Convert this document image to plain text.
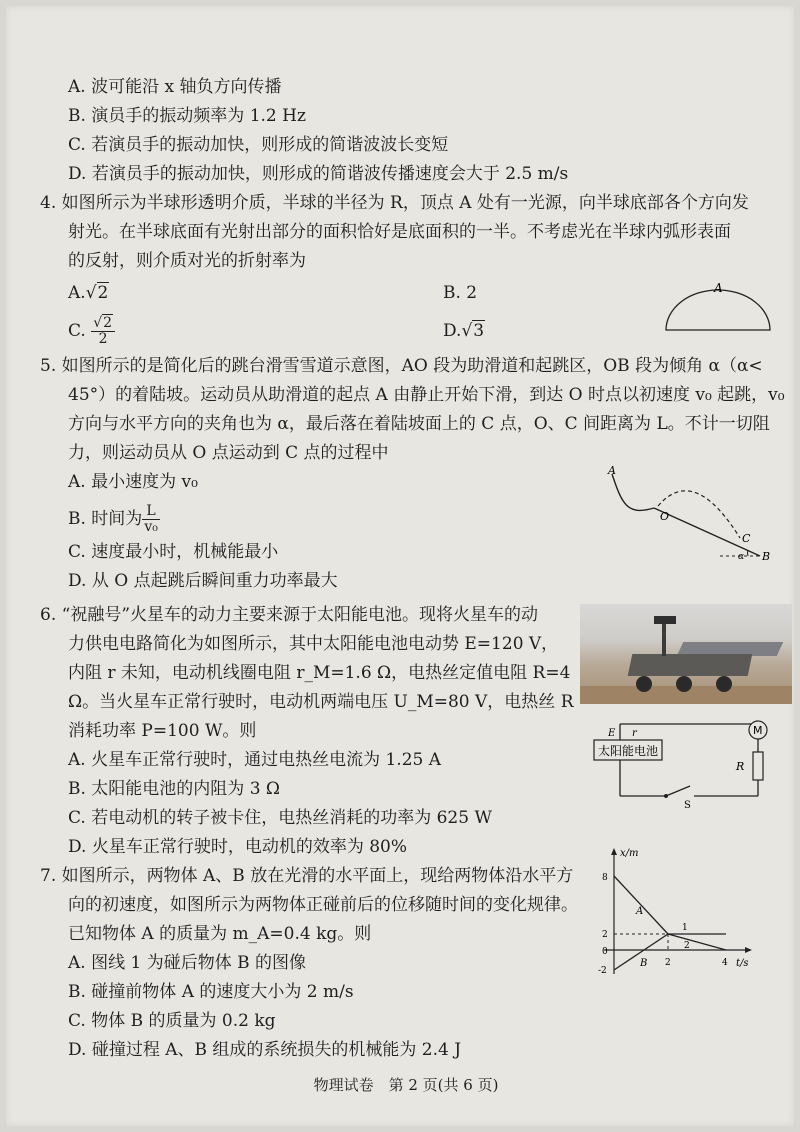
A. 波可能沿 x 轴负方向传播
B. 演员手的振动频率为 1.2 Hz
C. 若演员手的振动加快，则形成的简谐波波长变短
D. 若演员手的振动加快，则形成的简谐波传播速度会大于 2.5 m/s
4. 如图所示为半球形透明介质，半球的半径为 R，顶点 A 处有一光源，向半球底部各个方向发
射光。在半球底面有光射出部分的面积恰好是底面积的一半。不考虑光在半球内弧形表面
的反射，则介质对光的折射率为
A.√2	B. 2
C. $\frac{√2}{2}$	D.√3
A
5. 如图所示的是简化后的跳台滑雪雪道示意图，AO 段为助滑道和起跳区，OB 段为倾角 α（α<
45°）的着陆坡。运动员从助滑道的起点 A 由静止开始下滑，到达 O 时点以初速度 v₀ 起跳，v₀
方向与水平方向的夹角也为 α，最后落在着陆坡面上的 C 点，O、C 间距离为 L。不计一切阻
力，则运动员从 O 点运动到 C 点的过程中
A. 最小速度为 v₀
B. 时间为 $\frac{L}{\text{v₀}}$
C. 速度最小时，机械能最小
D. 从 O 点起跳后瞬间重力功率最大
A
O
C
B
α
6. “祝融号”火星车的动力主要来源于太阳能电池。现将火星车的动
力供电电路简化为如图所示，其中太阳能电池电动势 E=120 V，
内阻 r 未知，电动机线圈电阻 r_M=1.6 Ω，电热丝定值电阻 R=4
Ω。当火星车正常行驶时，电动机两端电压 U_M=80 V，电热丝 R
消耗功率 P=100 W。则
A. 火星车正常行驶时，通过电热丝电流为 1.25 A
B. 太阳能电池的内阻为 3 Ω
C. 若电动机的转子被卡住，电热丝消耗的功率为 625 W
D. 火星车正常行驶时，电动机的效率为 80%
太阳能电池
E r
S
M
R
7. 如图所示，两物体 A、B 放在光滑的水平面上，现给两物体沿水平方
向的初速度，如图所示为两物体正碰前后的位移随时间的变化规律。
已知物体 A 的质量为 m_A=0.4 kg。则
A. 图线 1 为碰后物体 B 的图像
B. 碰撞前物体 A 的速度大小为 2 m/s
C. 物体 B 的质量为 0.2 kg
D. 碰撞过程 A、B 组成的系统损失的机械能为 2.4 J
x/m
t/s
8
2
0
-2
2	4
A
B
1
2
物理试卷　第 2 页(共 6 页)
